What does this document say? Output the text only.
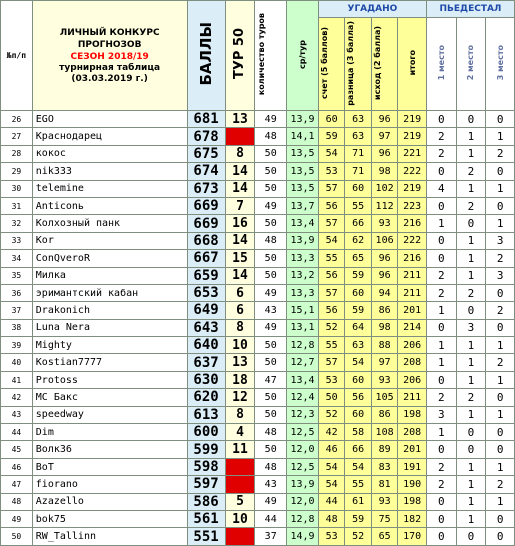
№п/п	ЛИЧНЫЙ КОНКУРС
ПРОГНОЗОВ
СЕЗОН 2018/19
турнирная таблица
(03.03.2019 г.)	БАЛЛЫ	ТУР 50	количество туров	ср/тур	УГАДАНО				ПЬЕДЕСТАЛ		
						счет (5 баллов)	разница (3 балла)	исход (2 балла)	итого	1 место	2 место	3 место
26	EGO	681	13	49	13,9	60	63	96	219	0	0	0
27	Краснодарец	678		48	14,1	59	63	97	219	2	1	1
28	кокос	675	8	50	13,5	54	71	96	221	2	1	2
29	nik333	674	14	50	13,5	53	71	98	222	0	2	0
30	telemine	673	14	50	13,5	57	60	102	219	4	1	1
31	Anticonь	669	7	49	13,7	56	55	112	223	0	2	0
32	Колхозный панк	669	16	50	13,4	57	66	93	216	1	0	1
33	Kor	668	14	48	13,9	54	62	106	222	0	1	3
34	ConQveroR	667	15	50	13,3	55	65	96	216	0	1	2
35	Милка	659	14	50	13,2	56	59	96	211	2	1	3
36	эримантский кабан	653	6	49	13,3	57	60	94	211	2	2	0
37	Drakonich	649	6	43	15,1	56	59	86	201	1	0	2
38	Luna Nera	643	8	49	13,1	52	64	98	214	0	3	0
39	Mighty	640	10	50	12,8	55	63	88	206	1	1	1
40	Kostian7777	637	13	50	12,7	57	54	97	208	1	1	2
41	Protoss	630	18	47	13,4	53	60	93	206	0	1	1
42	MC Бакс	620	12	50	12,4	50	56	105	211	2	2	0
43	speedway	613	8	50	12,3	52	60	86	198	3	1	1
44	Dim	600	4	48	12,5	42	58	108	208	1	0	0
45	Волк36	599	11	50	12,0	46	66	89	201	0	0	0
46	BoT	598		48	12,5	54	54	83	191	2	1	1
47	fiorano	597		43	13,9	54	55	81	190	2	1	2
48	Azazello	586	5	49	12,0	44	61	93	198	0	1	1
49	bok75	561	10	44	12,8	48	59	75	182	0	1	0
50	RW_Tallinn	551		37	14,9	53	52	65	170	0	0	0
